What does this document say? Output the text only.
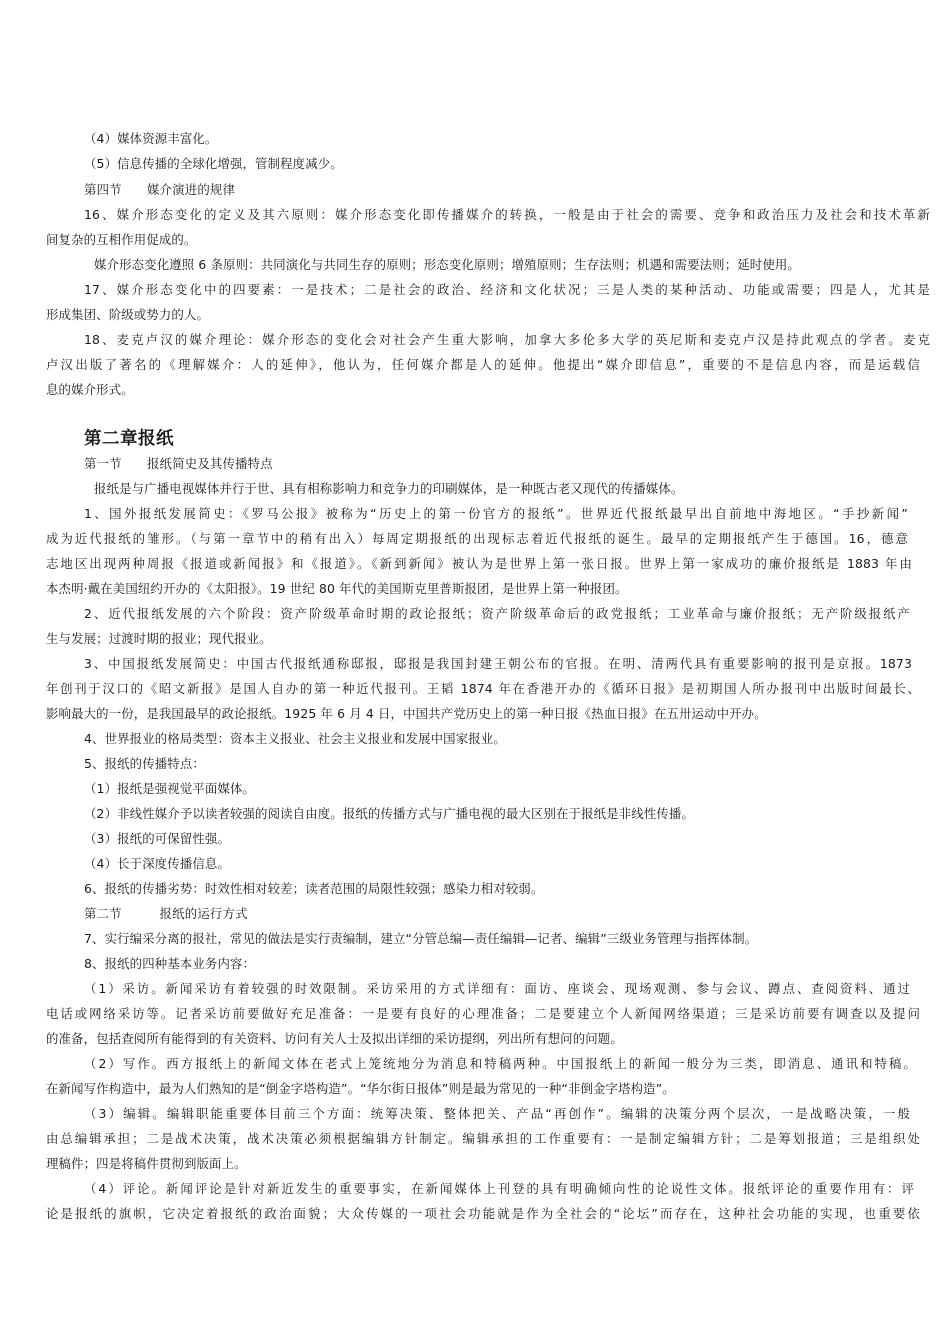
（4）媒体资源丰富化。

（5）信息传播的全球化增强，管制程度减少。

第四节　　媒介演进的规律

16、媒介形态变化的定义及其六原则：媒介形态变化即传播媒介的转换，一般是由于社会的需要、竞争和政治压力及社会和技术革新

间复杂的互相作用促成的。

媒介形态变化遵照 6 条原则：共同演化与共同生存的原则；形态变化原则；增殖原则；生存法则；机遇和需要法则；延时使用。

17、媒介形态变化中的四要素：一是技术；二是社会的政治、经济和文化状况；三是人类的某种活动、功能或需要；四是人，尤其是

形成集团、阶级或势力的人。

18、麦克卢汉的媒介理论：媒介形态的变化会对社会产生重大影响，加拿大多伦多大学的英尼斯和麦克卢汉是持此观点的学者。麦克

卢汉出版了著名的《理解媒介：人的延伸》，他认为，任何媒介都是人的延伸。他提出“媒介即信息”，重要的不是信息内容，而是运载信

息的媒介形式。

第二章报纸

第一节　　报纸简史及其传播特点

报纸是与广播电视媒体并行于世、具有相称影响力和竞争力的印刷媒体，是一种既古老又现代的传播媒体。

1、国外报纸发展简史：《罗马公报》被称为“历史上的第一份官方的报纸”。世界近代报纸最早出自前地中海地区。“手抄新闻”

成为近代报纸的雏形。（与第一章节中的稍有出入）每周定期报纸的出现标志着近代报纸的诞生。最早的定期报纸产生于德国。16，德意

志地区出现两种周报《报道或新闻报》和《报道》。《新到新闻》被认为是世界上第一张日报。世界上第一家成功的廉价报纸是 1883 年由

本杰明·戴在美国纽约开办的《太阳报》。19 世纪 80 年代的美国斯克里普斯报团，是世界上第一种报团。

2、近代报纸发展的六个阶段：资产阶级革命时期的政论报纸；资产阶级革命后的政党报纸；工业革命与廉价报纸；无产阶级报纸产

生与发展；过渡时期的报业；现代报业。

3、中国报纸发展简史：中国古代报纸通称邸报，邸报是我国封建王朝公布的官报。在明、清两代具有重要影响的报刊是京报。1873

年创刊于汉口的《昭文新报》是国人自办的第一种近代报刊。王韬 1874 年在香港开办的《循环日报》是初期国人所办报刊中出版时间最长、

影响最大的一份，是我国最早的政论报纸。1925 年 6 月 4 日，中国共产党历史上的第一种日报《热血日报》在五卅运动中开办。

4、世界报业的格局类型：资本主义报业、社会主义报业和发展中国家报业。

5、报纸的传播特点：

（1）报纸是强视觉平面媒体。

（2）非线性媒介予以读者较强的阅读自由度。报纸的传播方式与广播电视的最大区别在于报纸是非线性传播。

（3）报纸的可保留性强。

（4）长于深度传播信息。

6、报纸的传播劣势：时效性相对较差；读者范围的局限性较强；感染力相对较弱。

第二节　　　报纸的运行方式

7、实行编采分离的报社，常见的做法是实行责编制，建立“分管总编—责任编辑—记者、编辑”三级业务管理与指挥体制。

8、报纸的四种基本业务内容：

（1）采访。新闻采访有着较强的时效限制。采访采用的方式详细有：面访、座谈会、现场观测、参与会议、蹲点、查阅资料、通过

电话或网络采访等。记者采访前要做好充足准备：一是要有良好的心理准备；二是要建立个人新闻网络渠道；三是采访前要有调查以及提问

的准备，包括查阅所有能得到的有关资料、访问有关人士及拟出详细的采访提纲，列出所有想问的问题。

（2）写作。西方报纸上的新闻文体在老式上笼统地分为消息和特稿两种。中国报纸上的新闻一般分为三类，即消息、通讯和特稿。

在新闻写作构造中，最为人们熟知的是“倒金字塔构造”。“华尔街日报体”则是最为常见的一种“非倒金字塔构造”。

（3）编辑。编辑职能重要体目前三个方面：统筹决策、整体把关、产品“再创作”。编辑的决策分两个层次，一是战略决策，一般

由总编辑承担；二是战术决策，战术决策必须根据编辑方针制定。编辑承担的工作重要有：一是制定编辑方针；二是筹划报道；三是组织处

理稿件；四是将稿件贯彻到版面上。

（4）评论。新闻评论是针对新近发生的重要事实，在新闻媒体上刊登的具有明确倾向性的论说性文体。报纸评论的重要作用有：评

论是报纸的旗帜，它决定着报纸的政治面貌；大众传媒的一项社会功能就是作为全社会的“论坛”而存在，这种社会功能的实现，也重要依
